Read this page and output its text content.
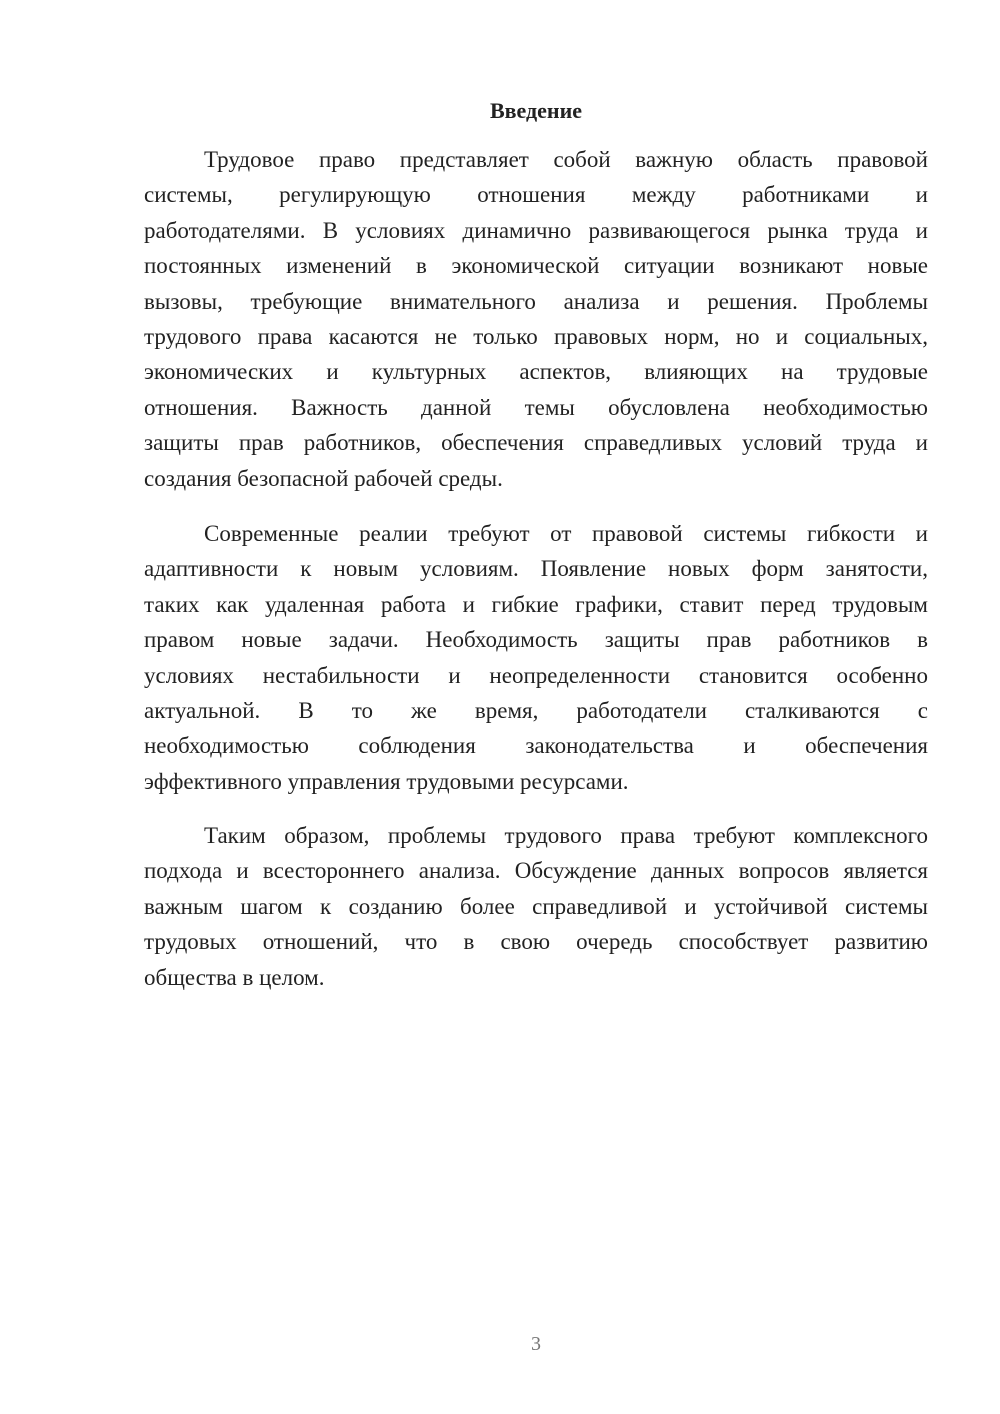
Введение
Трудовое право представляет собой важную область правовой
системы, регулирующую отношения между работниками и
работодателями. В условиях динамично развивающегося рынка труда и
постоянных изменений в экономической ситуации возникают новые
вызовы, требующие внимательного анализа и решения. Проблемы
трудового права касаются не только правовых норм, но и социальных,
экономических и культурных аспектов, влияющих на трудовые
отношения. Важность данной темы обусловлена необходимостью
защиты прав работников, обеспечения справедливых условий труда и
создания безопасной рабочей среды.
Современные реалии требуют от правовой системы гибкости и
адаптивности к новым условиям. Появление новых форм занятости,
таких как удаленная работа и гибкие графики, ставит перед трудовым
правом новые задачи. Необходимость защиты прав работников в
условиях нестабильности и неопределенности становится особенно
актуальной. В то же время, работодатели сталкиваются с
необходимостью соблюдения законодательства и обеспечения
эффективного управления трудовыми ресурсами.
Таким образом, проблемы трудового права требуют комплексного
подхода и всестороннего анализа. Обсуждение данных вопросов является
важным шагом к созданию более справедливой и устойчивой системы
трудовых отношений, что в свою очередь способствует развитию
общества в целом.
3
